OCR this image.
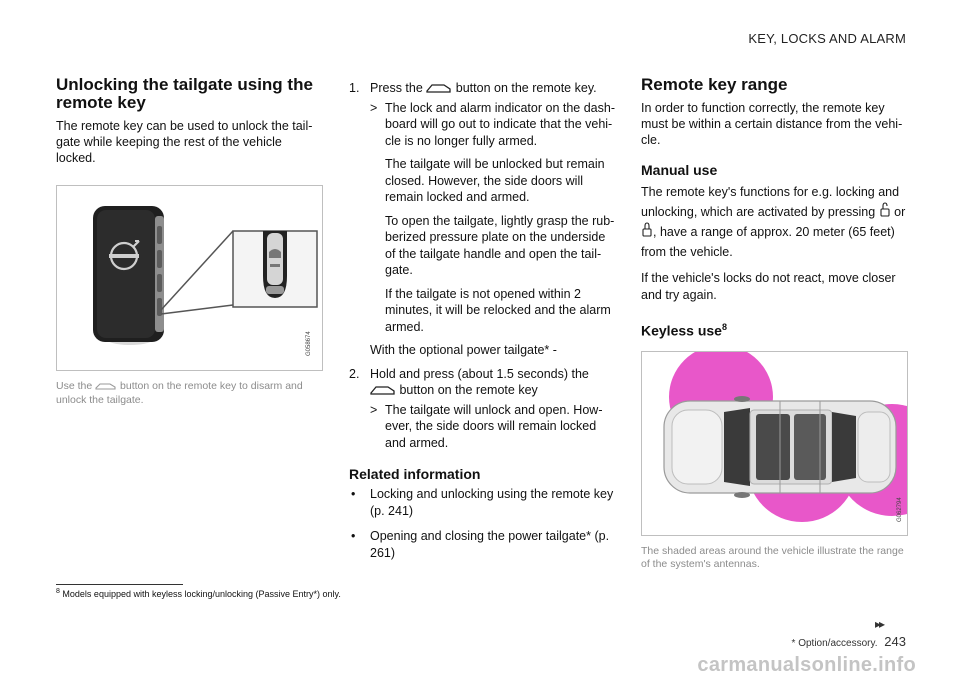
KEY, LOCKS AND ALARM
Unlocking the tailgate using the remote key

The remote key can be used to unlock the tail-gate while keeping the rest of the vehicle locked.

G058674

Use the	button on the remote key to disarm and unlock the tailgate.

1. Press the	button on the remote key.
> The lock and alarm indicator on the dash-board will go out to indicate that the vehi-cle is no longer fully armed.

The tailgate will be unlocked but remain closed. However, the side doors will remain locked and armed.

To open the tailgate, lightly grasp the rub-berized pressure plate on the underside of the tailgate handle and open the tail-gate.

If the tailgate is not opened within 2 minutes, it will be relocked and the alarm armed.

With the optional power tailgate* -

2. Hold and press (about 1.5 seconds) the  button on the remote key
> The tailgate will unlock and open. How-ever, the side doors will remain locked and armed.
Related information
• Locking and unlocking using the remote key (p. 241)
• Opening and closing the power tailgate* (p. 261)
Remote key range

In order to function correctly, the remote key must be within a certain distance from the vehi-cle.

Manual use

The remote key's functions for e.g. locking and unlocking, which are activated by pressing or , have a range of approx. 20 meter (65 feet) from the vehicle.

If the vehicle's locks do not react, move closer and try again.

Keyless use$^8$
G062794

The shaded areas around the vehicle illustrate the range of the system's antennas.

$^8$ Models equipped with keyless locking/unlocking (Passive Entry*) only.
▸▸
* Option/accessory. 243
carmanualsonline.info
